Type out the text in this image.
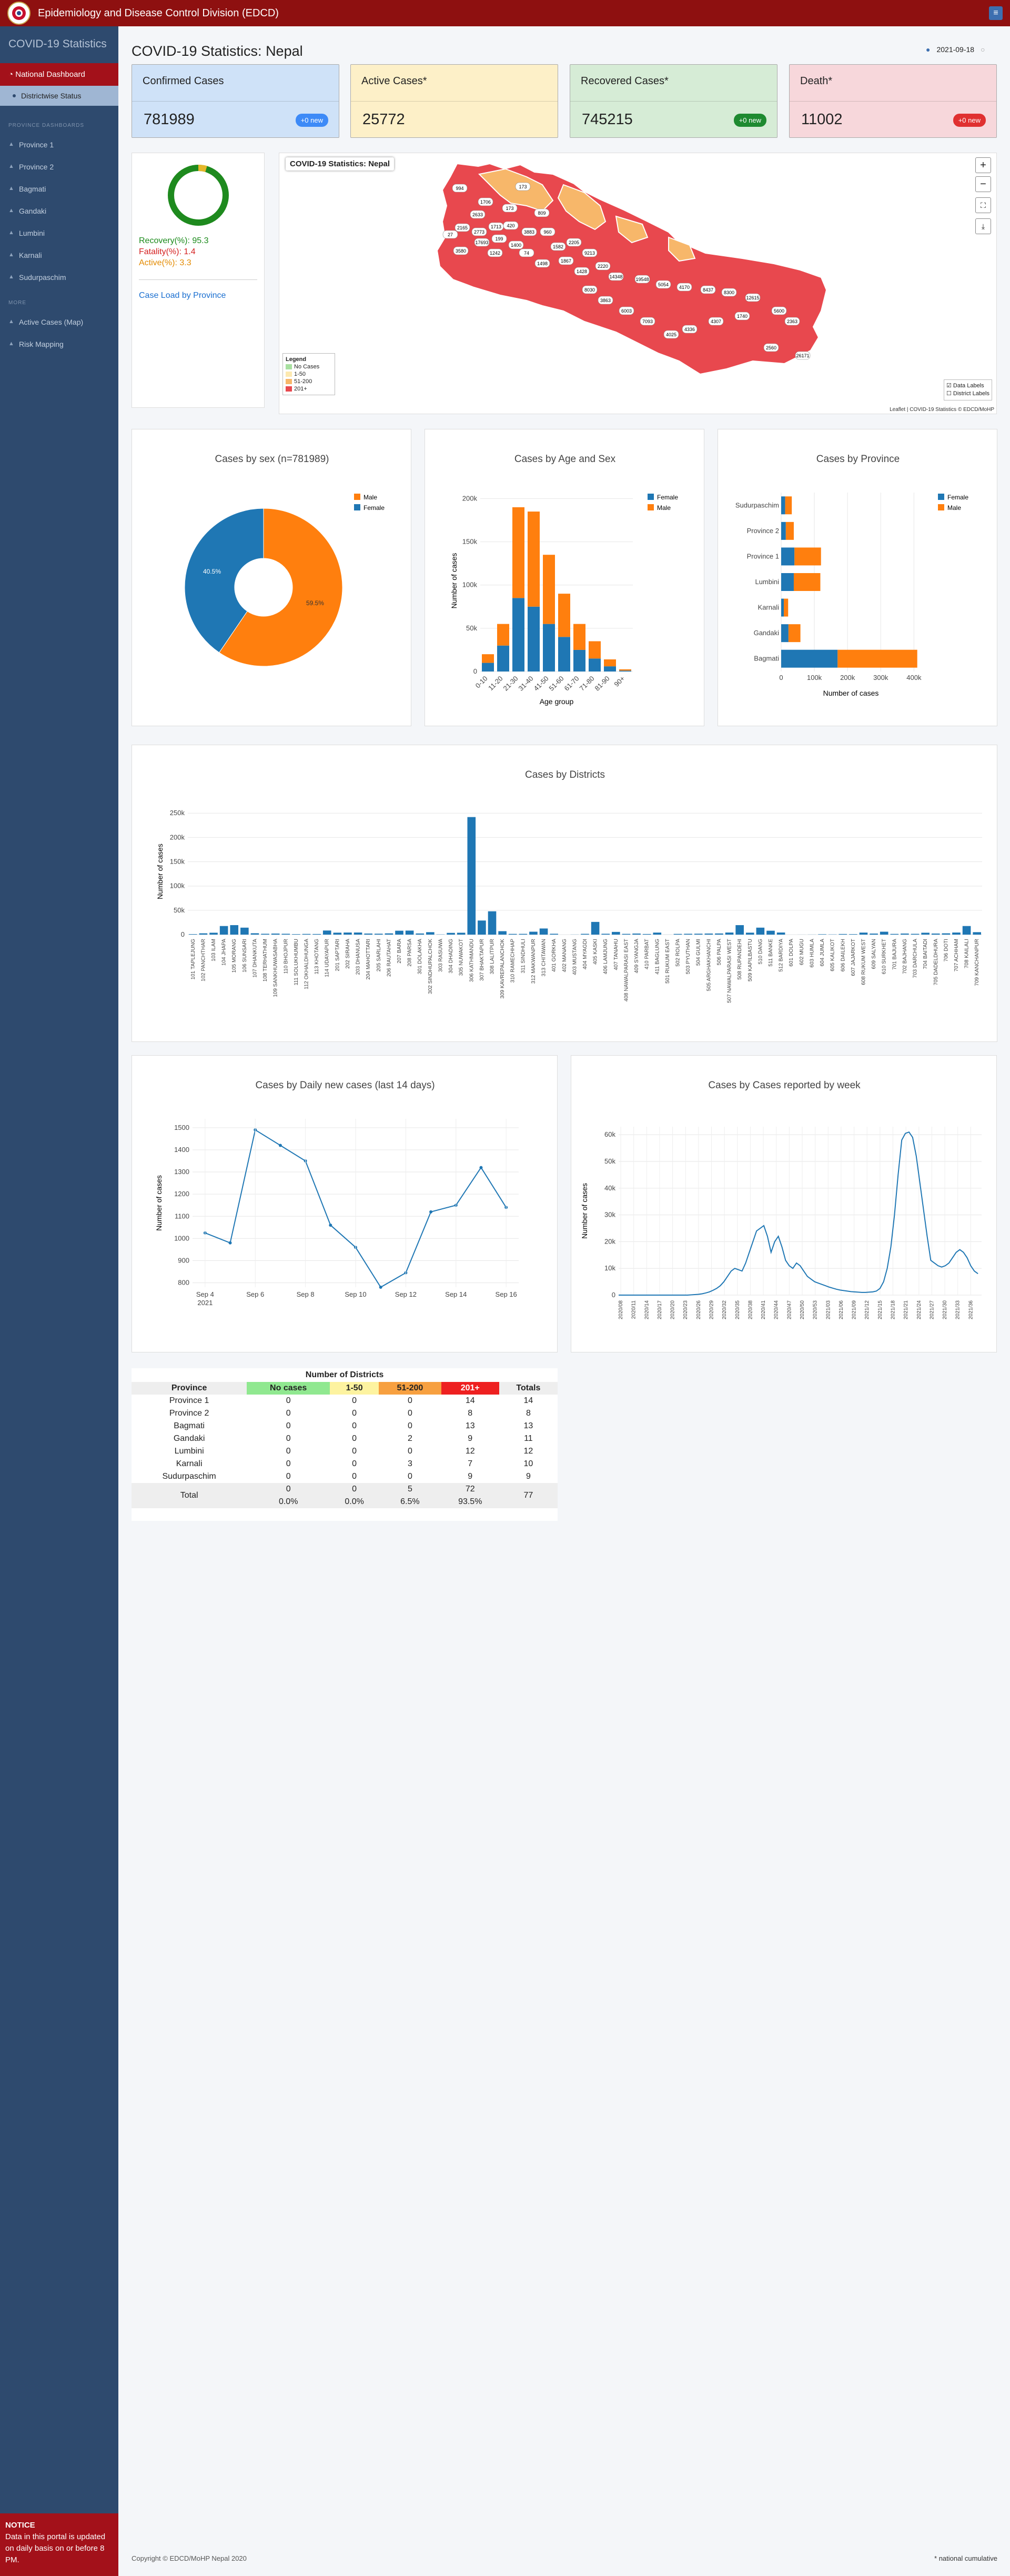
Epidemiology and Disease Control Division (EDCD)	≡
COVID-19 Statistics
◔ National Dashboard
Districtwise Status
PROVINCE DASHBOARDS
▲ Province 1
▲ Province 2
▲ Bagmati
▲ Gandaki
▲ Lumbini
▲ Karnali
▲ Sudurpaschim
MORE
▲ Active Cases (Map)
▲ Risk Mapping
NOTICE
Data in this portal is updated on daily basis on or before 8 PM.
COVID-19 Statistics: Nepal	● 2021-09-18 ○
Confirmed Cases
781989	+0 new
Active Cases*
25772
Recovered Cases*
745215	+0 new
Death*
11002	+0 new
Recovery(%): 95.3
Fatality(%): 1.4
Active(%): 3.3
Case Load by Province
COVID-19 Statistics: Nepal
994	173
1706
173
2633	809
27
2165
2773
1713 420
3883 960
199
17693
3580
1400
1242	74
1582
2205
9213
1867
1498
1428
2220
14348	19548
5054 4170	8437 8300
12615
5600
2363
1740
4307
4336
4025
7093
6003
3863
8030
2560
26171
+
−
⛶
⤓
Legend
No Cases
1-50
51-200
201+	☑ Data Labels
☐ District Labels
Leaflet | COVID-19 Statistics © EDCD/MoHP
Cases by sex (n=781989)
59.5%
40.5%
Male
Female
Cases by Age and Sex
0
50k
100k
150k
200k
0-10
11-20
21-30
31-40
41-50
51-60
61-70
71-80
81-90 90+
Age group
Number of cases
Female
Male
Cases by Province
0	100k	200k	300k	400k
Sudurpaschim
Province 2
Province 1
Lumbini
Karnali
Gandaki
Bagmati
Number of cases
Female
Male
Cases by Districts
0
50k
100k
150k
200k
250k
101 TAPLEJUNG 102 PANCHTHAR 103 ILAM 104 JHAPA 105 MORANG 106 SUNSARI 107 DHANKUTA 108 TERHATHUM 109 SANKHUWASABHA 110 BHOJPUR 111 SOLUKHUMBU 112 OKHALDHUNGA 113 KHOTANG 114 UDAYAPUR 201 SAPTARI 202 SIRAHA 203 DHANUSA 204 MAHOTTARI 205 SARLAHI 206 RAUTAHAT 207 BARA 208 PARSA 301 DOLAKHA 302 SINDHUPALCHOK 303 RASUWA 304 DHADING 305 NUWAKOT 306 KATHMANDU 307 BHAKTAPUR 308 LALITPUR 309 KAVREPALANCHOK 310 RAMECHHAP 311 SINDHULI 312 MAKWANPUR 313 CHITAWAN 401 GORKHA 402 MANANG 403 MUSTANG 404 MYAGDI 405 KASKI 406 LAMJUNG 407 TANAHU 408 NAWALPARASI EAST 409 SYANGJA 410 PARBAT 411 BAGLUNG 501 RUKUM EAST 502 ROLPA 503 PYUTHAN 504 GULMI 505 ARGHAKHANCHI 506 PALPA 507 NAWALPARASI WEST 508 RUPANDEHI 509 KAPILBASTU 510 DANG 511 BANKE 512 BARDIYA 601 DOLPA 602 MUGU 603 HUMLA 604 JUMLA 605 KALIKOT 606 DAILEKH 607 JAJARKOT 608 RUKUM WEST 609 SALYAN 610 SURKHET 701 BAJURA 702 BAJHANG 703 DARCHULA 704 BAITADI 705 DADELDHURA 706 DOTI 707 ACHHAM 708 KAILALI 709 KANCHANPUR
Number of cases
Cases by Daily new cases (last 14 days)
800
900
1000
1100
1200
1300
1400
1500
Sep 4
2021
Sep 6	Sep 8	Sep 10	Sep 12	Sep 14	Sep 16
Number of cases
Cases by Cases reported by week
0
10k
20k
30k
40k
50k
60k
2020/08 2020/11 2020/14 2020/17 2020/20 2020/23 2020/26 2020/29 2020/32 2020/35 2020/38 2020/41 2020/44 2020/47 2020/50 2020/53 2021/03 2021/06 2021/09 2021/12 2021/15 2021/18 2021/21 2021/24 2021/27 2021/30 2021/33 2021/36
Number of cases
Number of Districts
Province	No cases	1-50	51-200	201+	Totals
Province 1	0	0	0	14	14
Province 2	0	0	0	8	8
Bagmati	0	0	0	13	13
Gandaki	0	0	2	9	11
Lumbini	0	0	0	12	12
Karnali	0	0	3	7	10
Sudurpaschim	0	0	0	9	9
Total	0	0	5	72	77
	0.0%	0.0%	6.5%	93.5%	
Copyright © EDCD/MoHP Nepal 2020	* national cumulative
